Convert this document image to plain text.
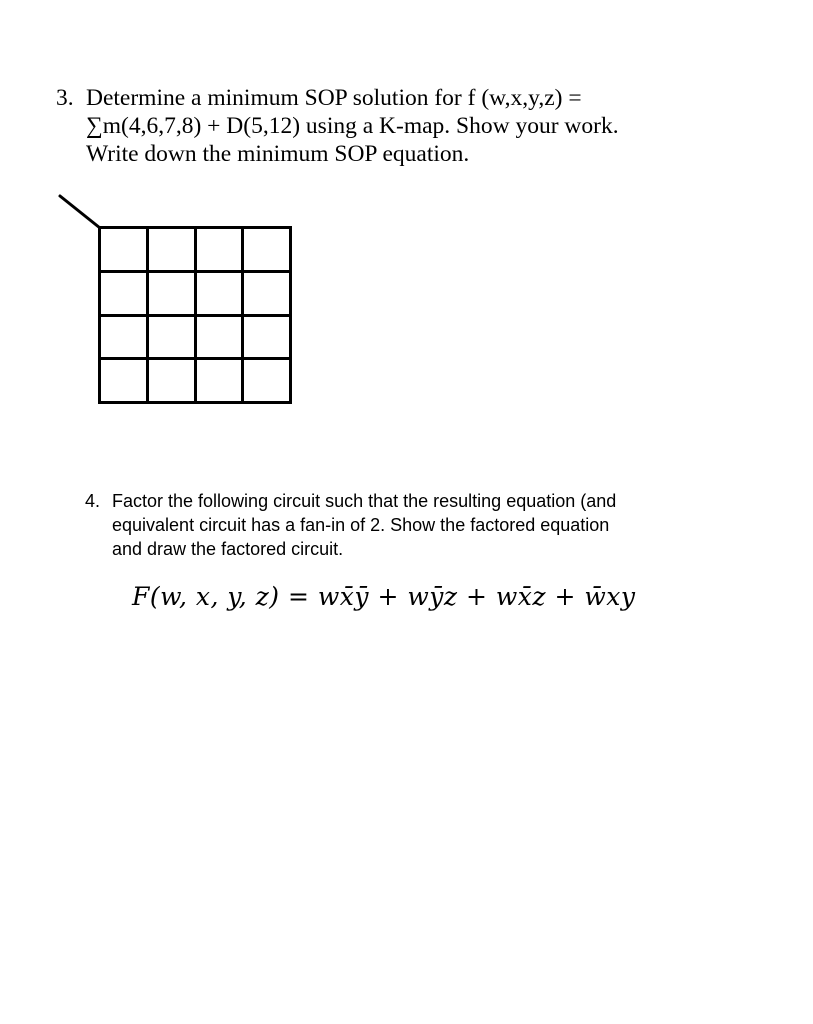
3. Determine a minimum SOP solution for f (w,x,y,z) =
∑m(4,6,7,8) + D(5,12) using a K-map. Show your work.
Write down the minimum SOP equation.
4. Factor the following circuit such that the resulting equation (and
equivalent circuit has a fan-in of 2. Show the factored equation
and draw the factored circuit.
F(w, x, y, z) = wx̄ȳ + wȳz + wx̄z + w̄xy
